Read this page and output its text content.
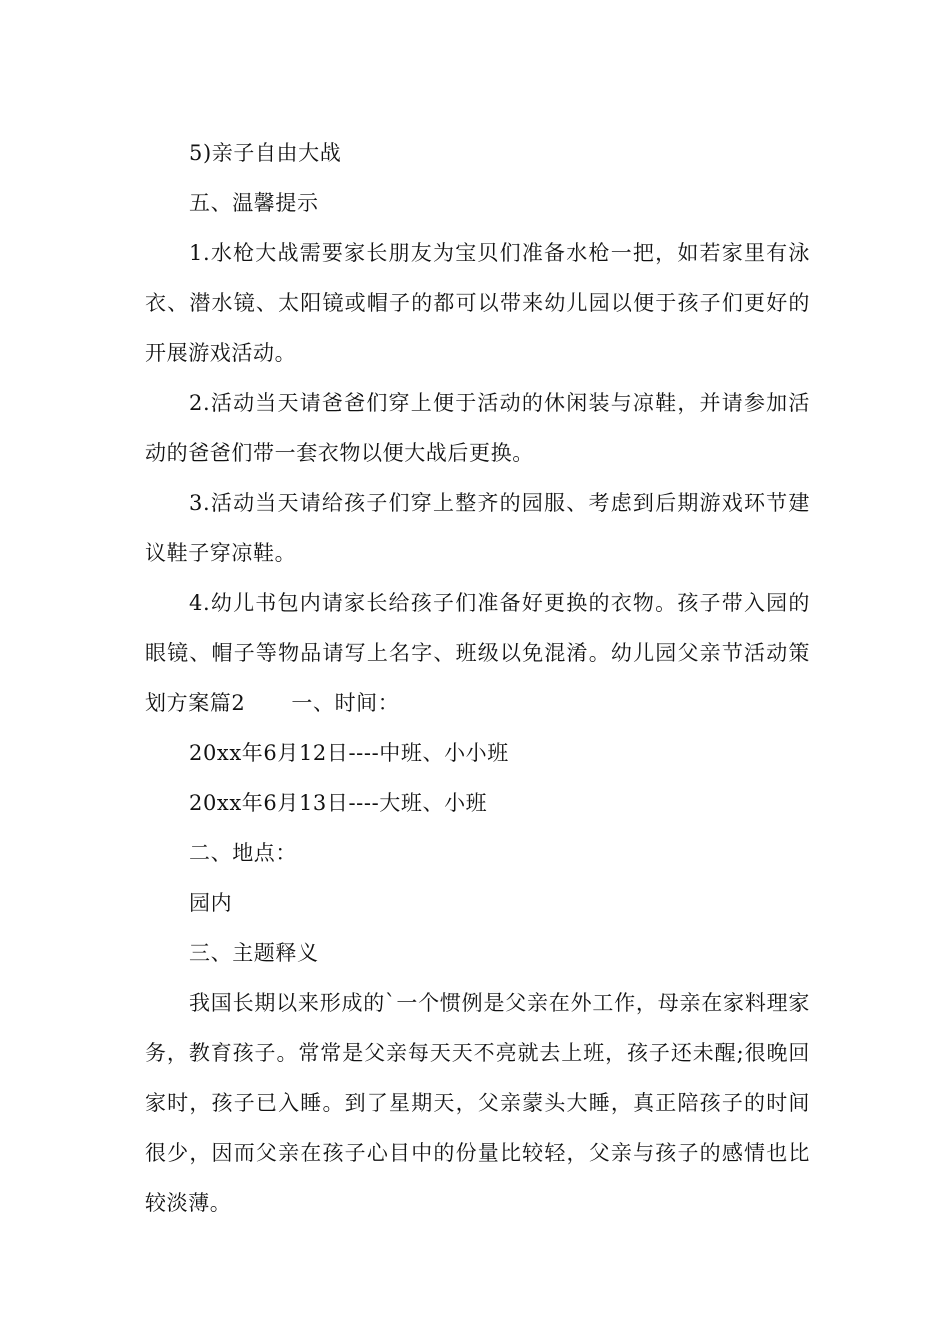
5)亲子自由大战

五、温馨提示

1.水枪大战需要家长朋友为宝贝们准备水枪一把，如若家里有泳衣、潜水镜、太阳镜或帽子的都可以带来幼儿园以便于孩子们更好的开展游戏活动。

2.活动当天请爸爸们穿上便于活动的休闲装与凉鞋，并请参加活动的爸爸们带一套衣物以便大战后更换。

3.活动当天请给孩子们穿上整齐的园服、考虑到后期游戏环节建议鞋子穿凉鞋。

4.幼儿书包内请家长给孩子们准备好更换的衣物。孩子带入园的眼镜、帽子等物品请写上名字、班级以免混淆。幼儿园父亲节活动策划方案篇2 一、时间：

20xx年6月12日----中班、小小班

20xx年6月13日----大班、小班

二、地点：

园内

三、主题释义

我国长期以来形成的`一个惯例是父亲在外工作，母亲在家料理家务，教育孩子。常常是父亲每天天不亮就去上班，孩子还未醒;很晚回家时，孩子已入睡。到了星期天，父亲蒙头大睡，真正陪孩子的时间很少，因而父亲在孩子心目中的份量比较轻，父亲与孩子的感情也比较淡薄。
